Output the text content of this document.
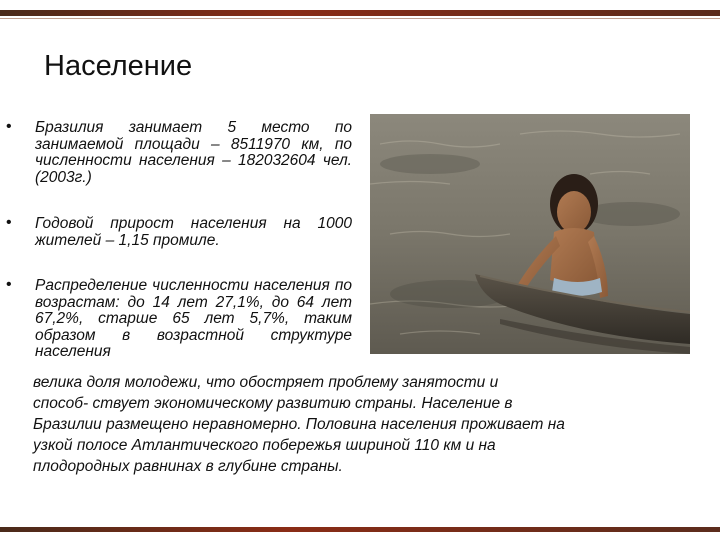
Население
• Бразилия занимает 5 место по занимаемой площади – 8511970 км, по численности населения – 182032604 чел. (2003г.)
• Годовой прирост населения на 1000 жителей – 1,15 промиле.
• Распределение численности населения по возрастам: до 14 лет 27,1%, до 64 лет 67,2%, старше 65 лет 5,7%, таким образом в возрастной структуре населения
велика доля молодежи, что обостряет проблему занятости и
способ- ствует экономическому развитию страны. Население в
Бразилии размещено неравномерно. Половина населения проживает на
узкой полосе Атлантического побережья шириной 110 км и на
плодородных равнинах в глубине страны.
